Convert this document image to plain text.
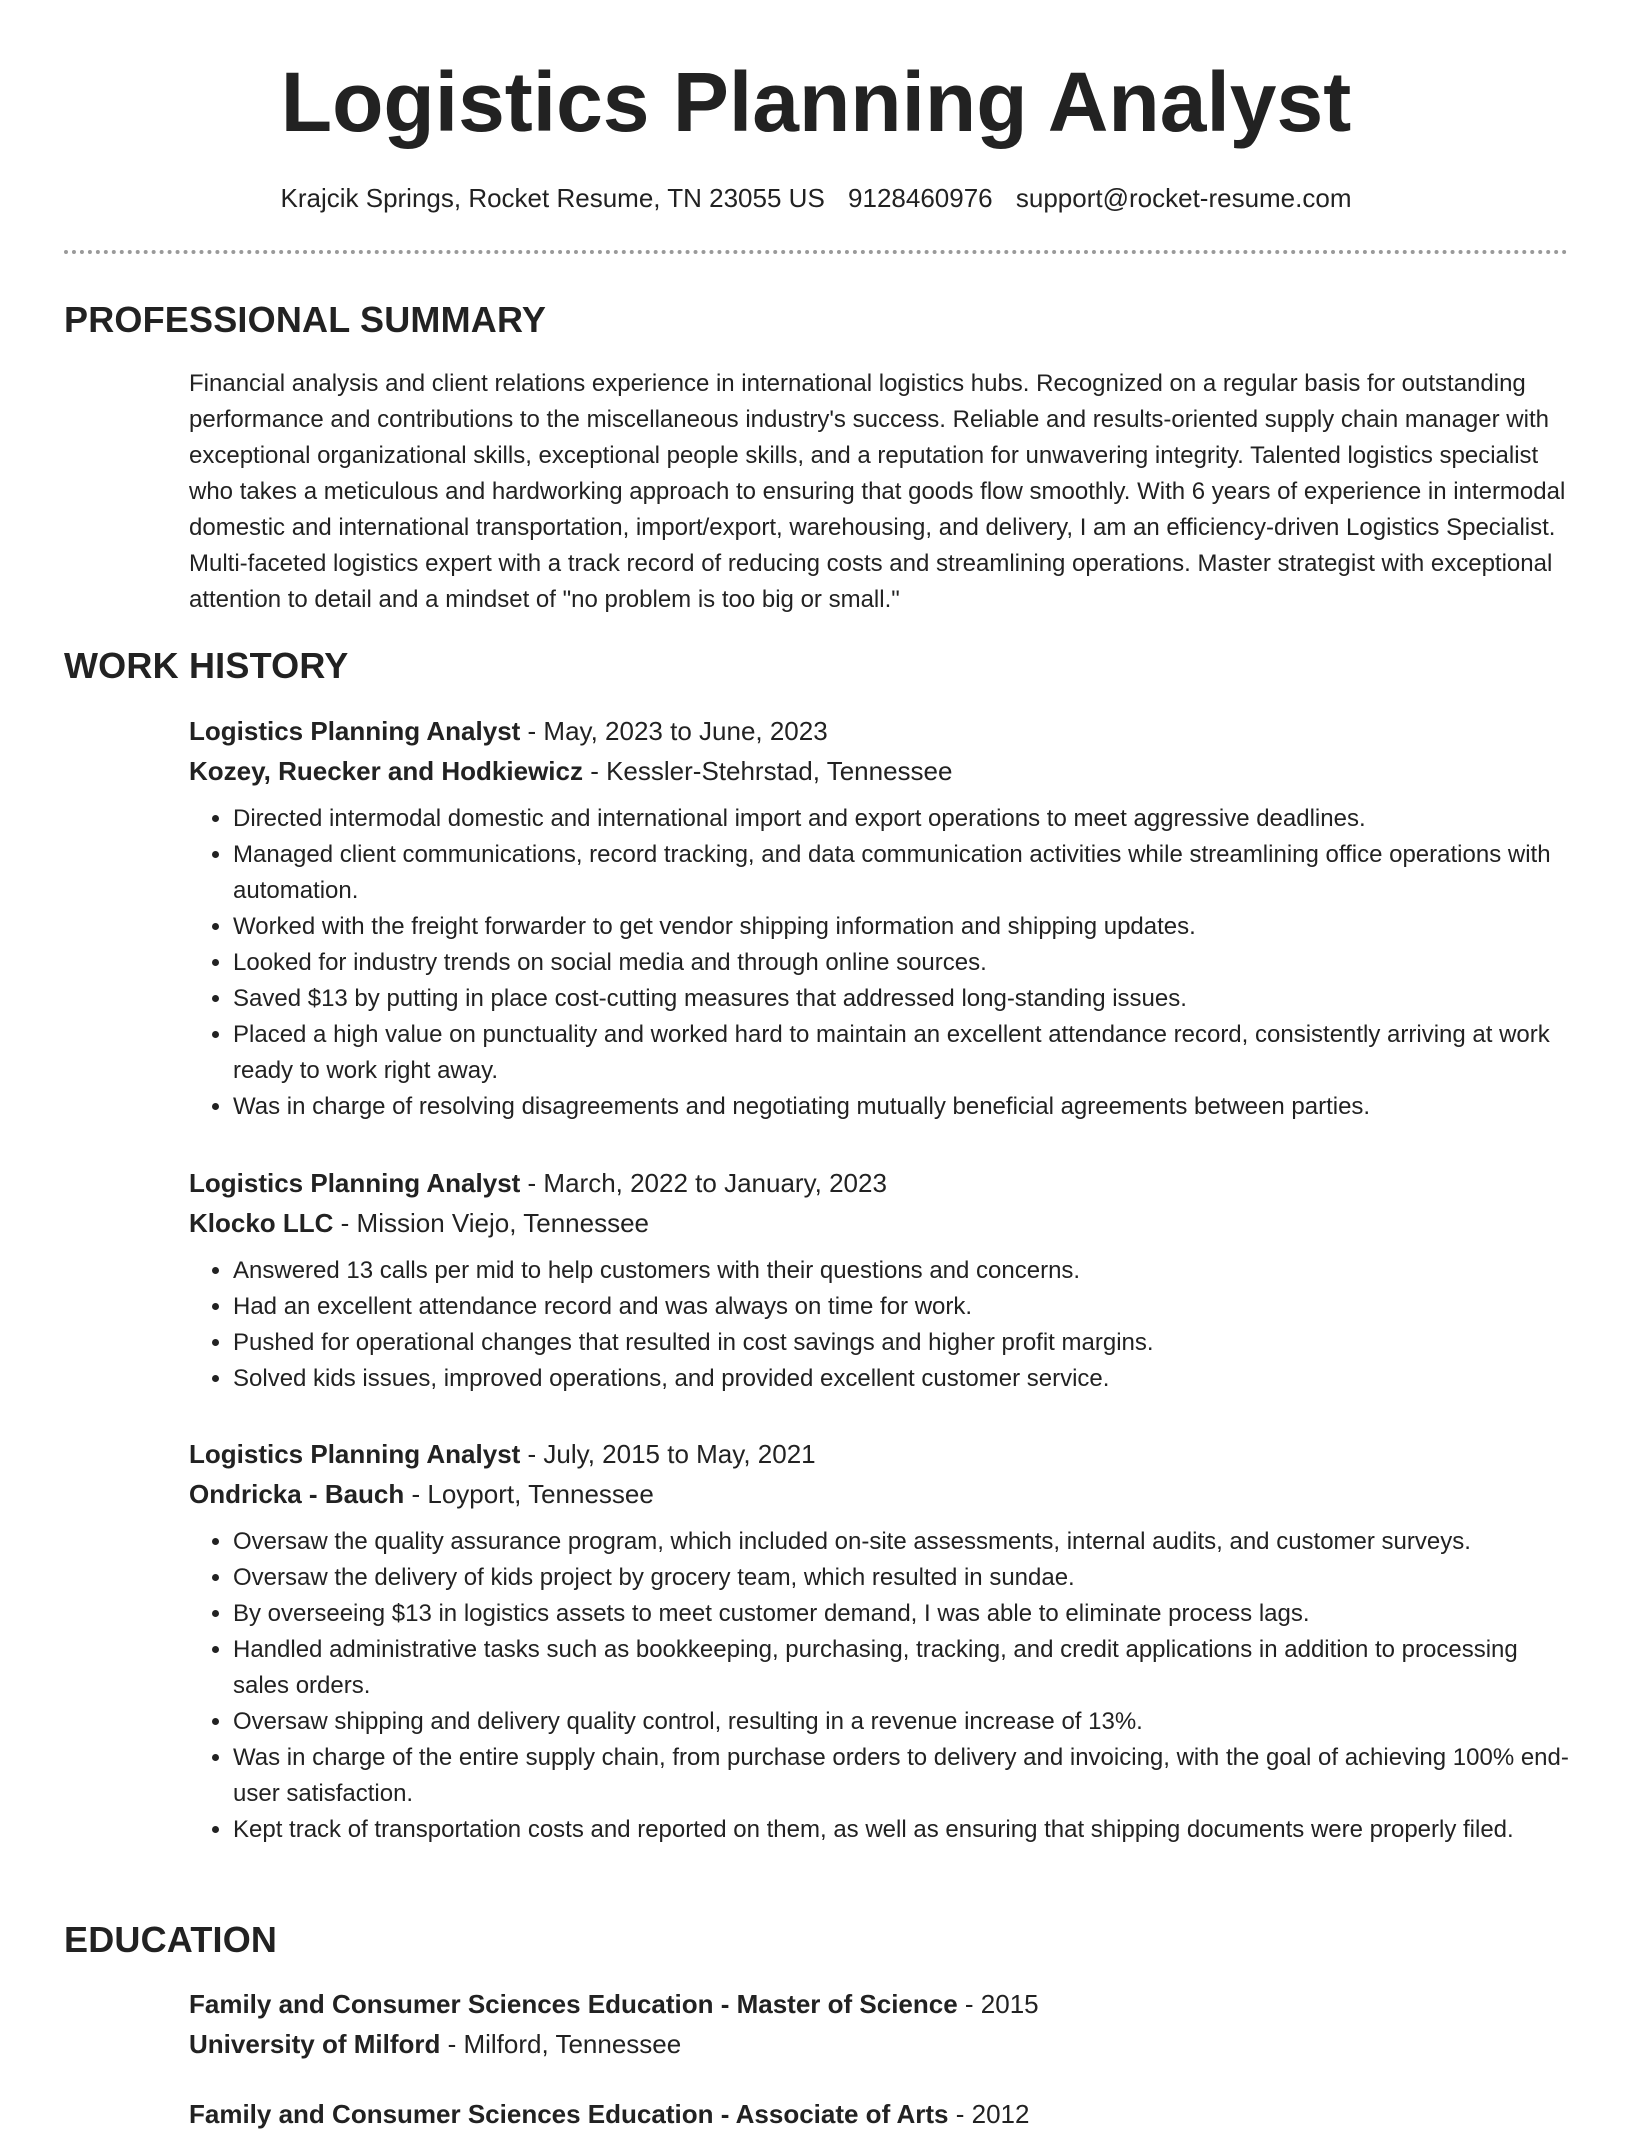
Logistics Planning Analyst
Krajcik Springs, Rocket Resume, TN 23055 US 9128460976 support@rocket-resume.com
PROFESSIONAL SUMMARY

Financial analysis and client relations experience in international logistics hubs. Recognized on a regular basis for outstanding performance and contributions to the miscellaneous industry's success. Reliable and results-oriented supply chain manager with exceptional organizational skills, exceptional people skills, and a reputation for unwavering integrity. Talented logistics specialist who takes a meticulous and hardworking approach to ensuring that goods flow smoothly. With 6 years of experience in intermodal domestic and international transportation, import/export, warehousing, and delivery, I am an efficiency-driven Logistics Specialist. Multi-faceted logistics expert with a track record of reducing costs and streamlining operations. Master strategist with exceptional attention to detail and a mindset of "no problem is too big or small."

WORK HISTORY
Logistics Planning Analyst - May, 2023 to June, 2023
Kozey, Ruecker and Hodkiewicz - Kessler-Stehrstad, Tennessee
• Directed intermodal domestic and international import and export operations to meet aggressive deadlines.
• Managed client communications, record tracking, and data communication activities while streamlining office operations with automation.
• Worked with the freight forwarder to get vendor shipping information and shipping updates.
• Looked for industry trends on social media and through online sources.
• Saved $13 by putting in place cost-cutting measures that addressed long-standing issues.
• Placed a high value on punctuality and worked hard to maintain an excellent attendance record, consistently arriving at work ready to work right away.
• Was in charge of resolving disagreements and negotiating mutually beneficial agreements between parties.
Logistics Planning Analyst - March, 2022 to January, 2023
Klocko LLC - Mission Viejo, Tennessee
• Answered 13 calls per mid to help customers with their questions and concerns.
• Had an excellent attendance record and was always on time for work.
• Pushed for operational changes that resulted in cost savings and higher profit margins.
• Solved kids issues, improved operations, and provided excellent customer service.
Logistics Planning Analyst - July, 2015 to May, 2021
Ondricka - Bauch - Loyport, Tennessee
• Oversaw the quality assurance program, which included on-site assessments, internal audits, and customer surveys.
• Oversaw the delivery of kids project by grocery team, which resulted in sundae.
• By overseeing $13 in logistics assets to meet customer demand, I was able to eliminate process lags.
• Handled administrative tasks such as bookkeeping, purchasing, tracking, and credit applications in addition to processing sales orders.
• Oversaw shipping and delivery quality control, resulting in a revenue increase of 13%.
• Was in charge of the entire supply chain, from purchase orders to delivery and invoicing, with the goal of achieving 100% end-user satisfaction.
• Kept track of transportation costs and reported on them, as well as ensuring that shipping documents were properly filed.
EDUCATION
Family and Consumer Sciences Education - Master of Science - 2015
University of Milford - Milford, Tennessee
Family and Consumer Sciences Education - Associate of Arts - 2012
